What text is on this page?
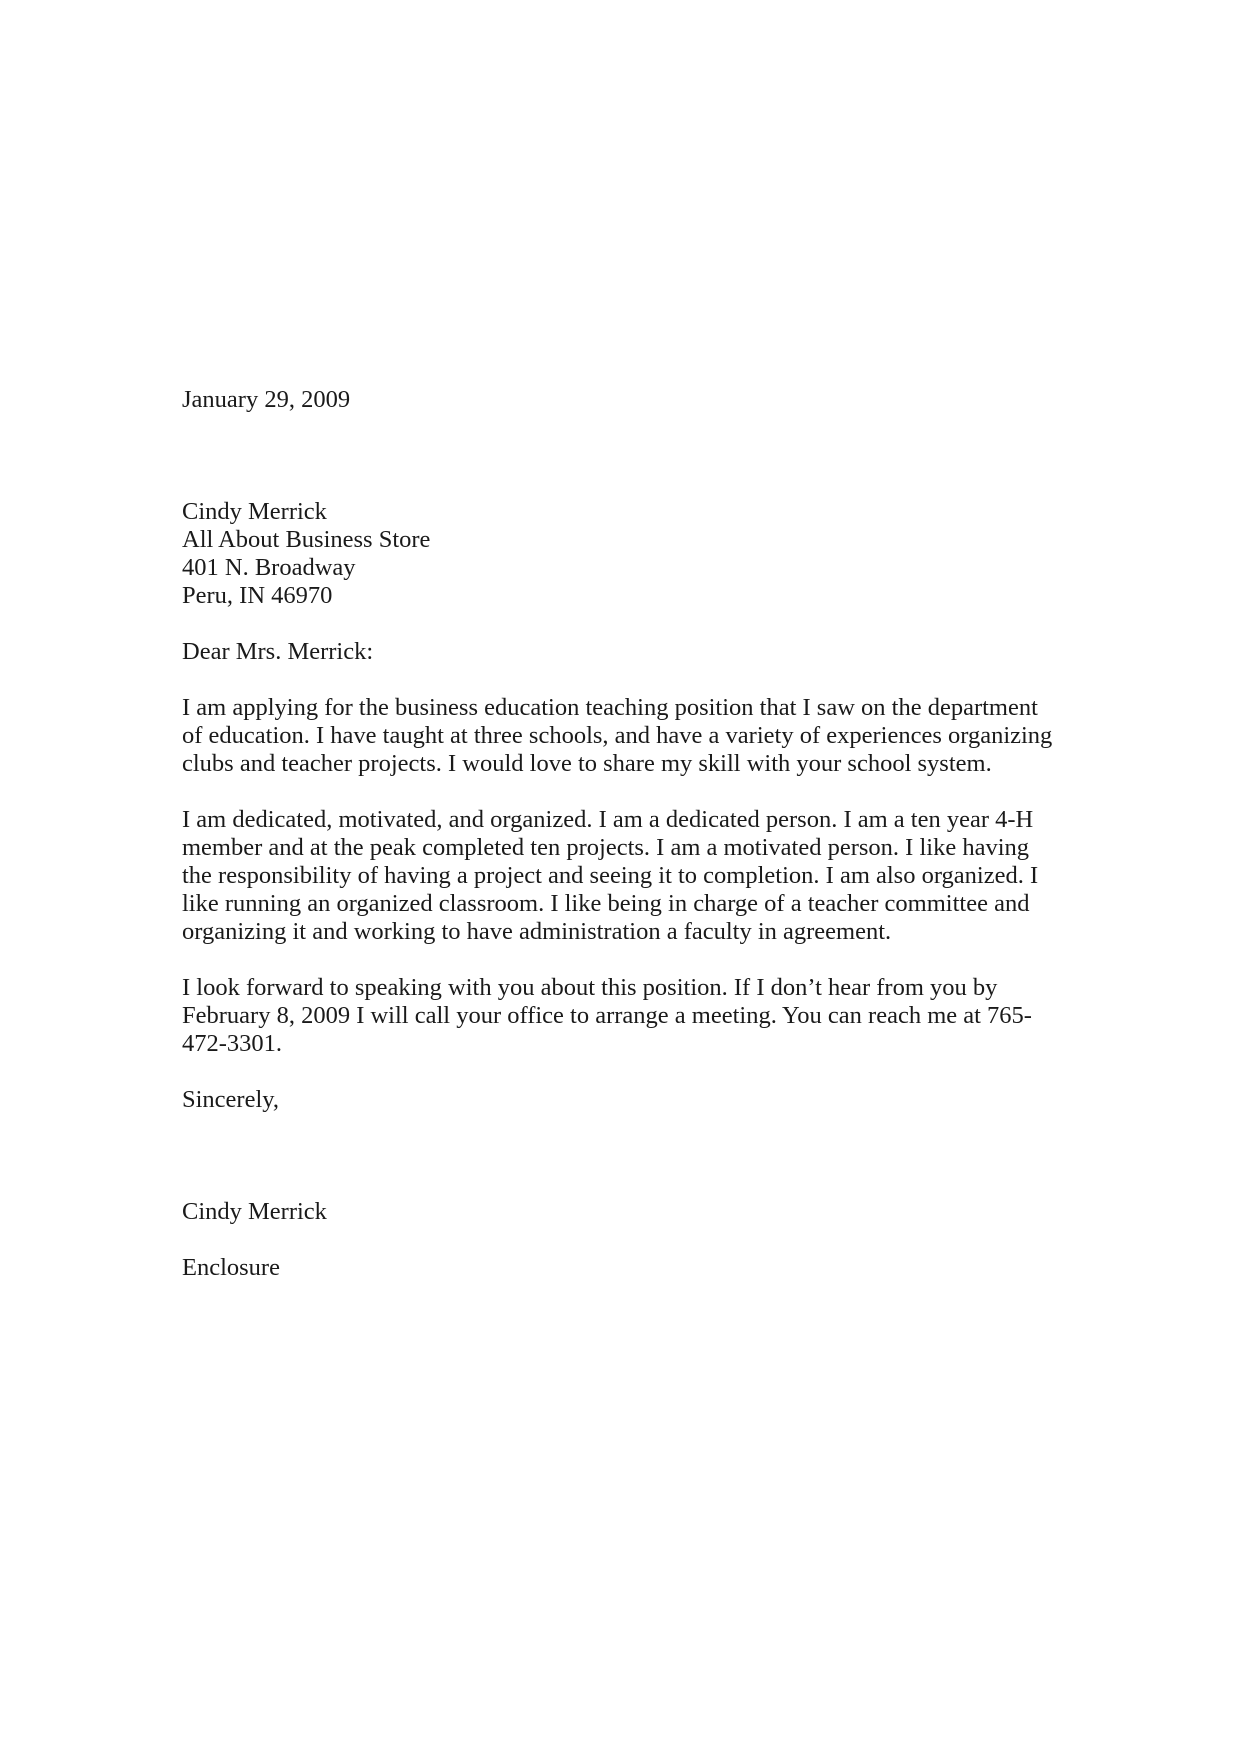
January 29, 2009
Cindy Merrick
All About Business Store
401 N. Broadway
Peru, IN 46970
Dear Mrs. Merrick:
I am applying for the business education teaching position that I saw on the department
of education. I have taught at three schools, and have a variety of experiences organizing
clubs and teacher projects. I would love to share my skill with your school system.
I am dedicated, motivated, and organized. I am a dedicated person. I am a ten year 4-H
member and at the peak completed ten projects. I am a motivated person. I like having
the responsibility of having a project and seeing it to completion. I am also organized. I
like running an organized classroom. I like being in charge of a teacher committee and
organizing it and working to have administration a faculty in agreement.
I look forward to speaking with you about this position. If I don’t hear from you by
February 8, 2009 I will call your office to arrange a meeting. You can reach me at 765-
472-3301.
Sincerely,
Cindy Merrick
Enclosure
